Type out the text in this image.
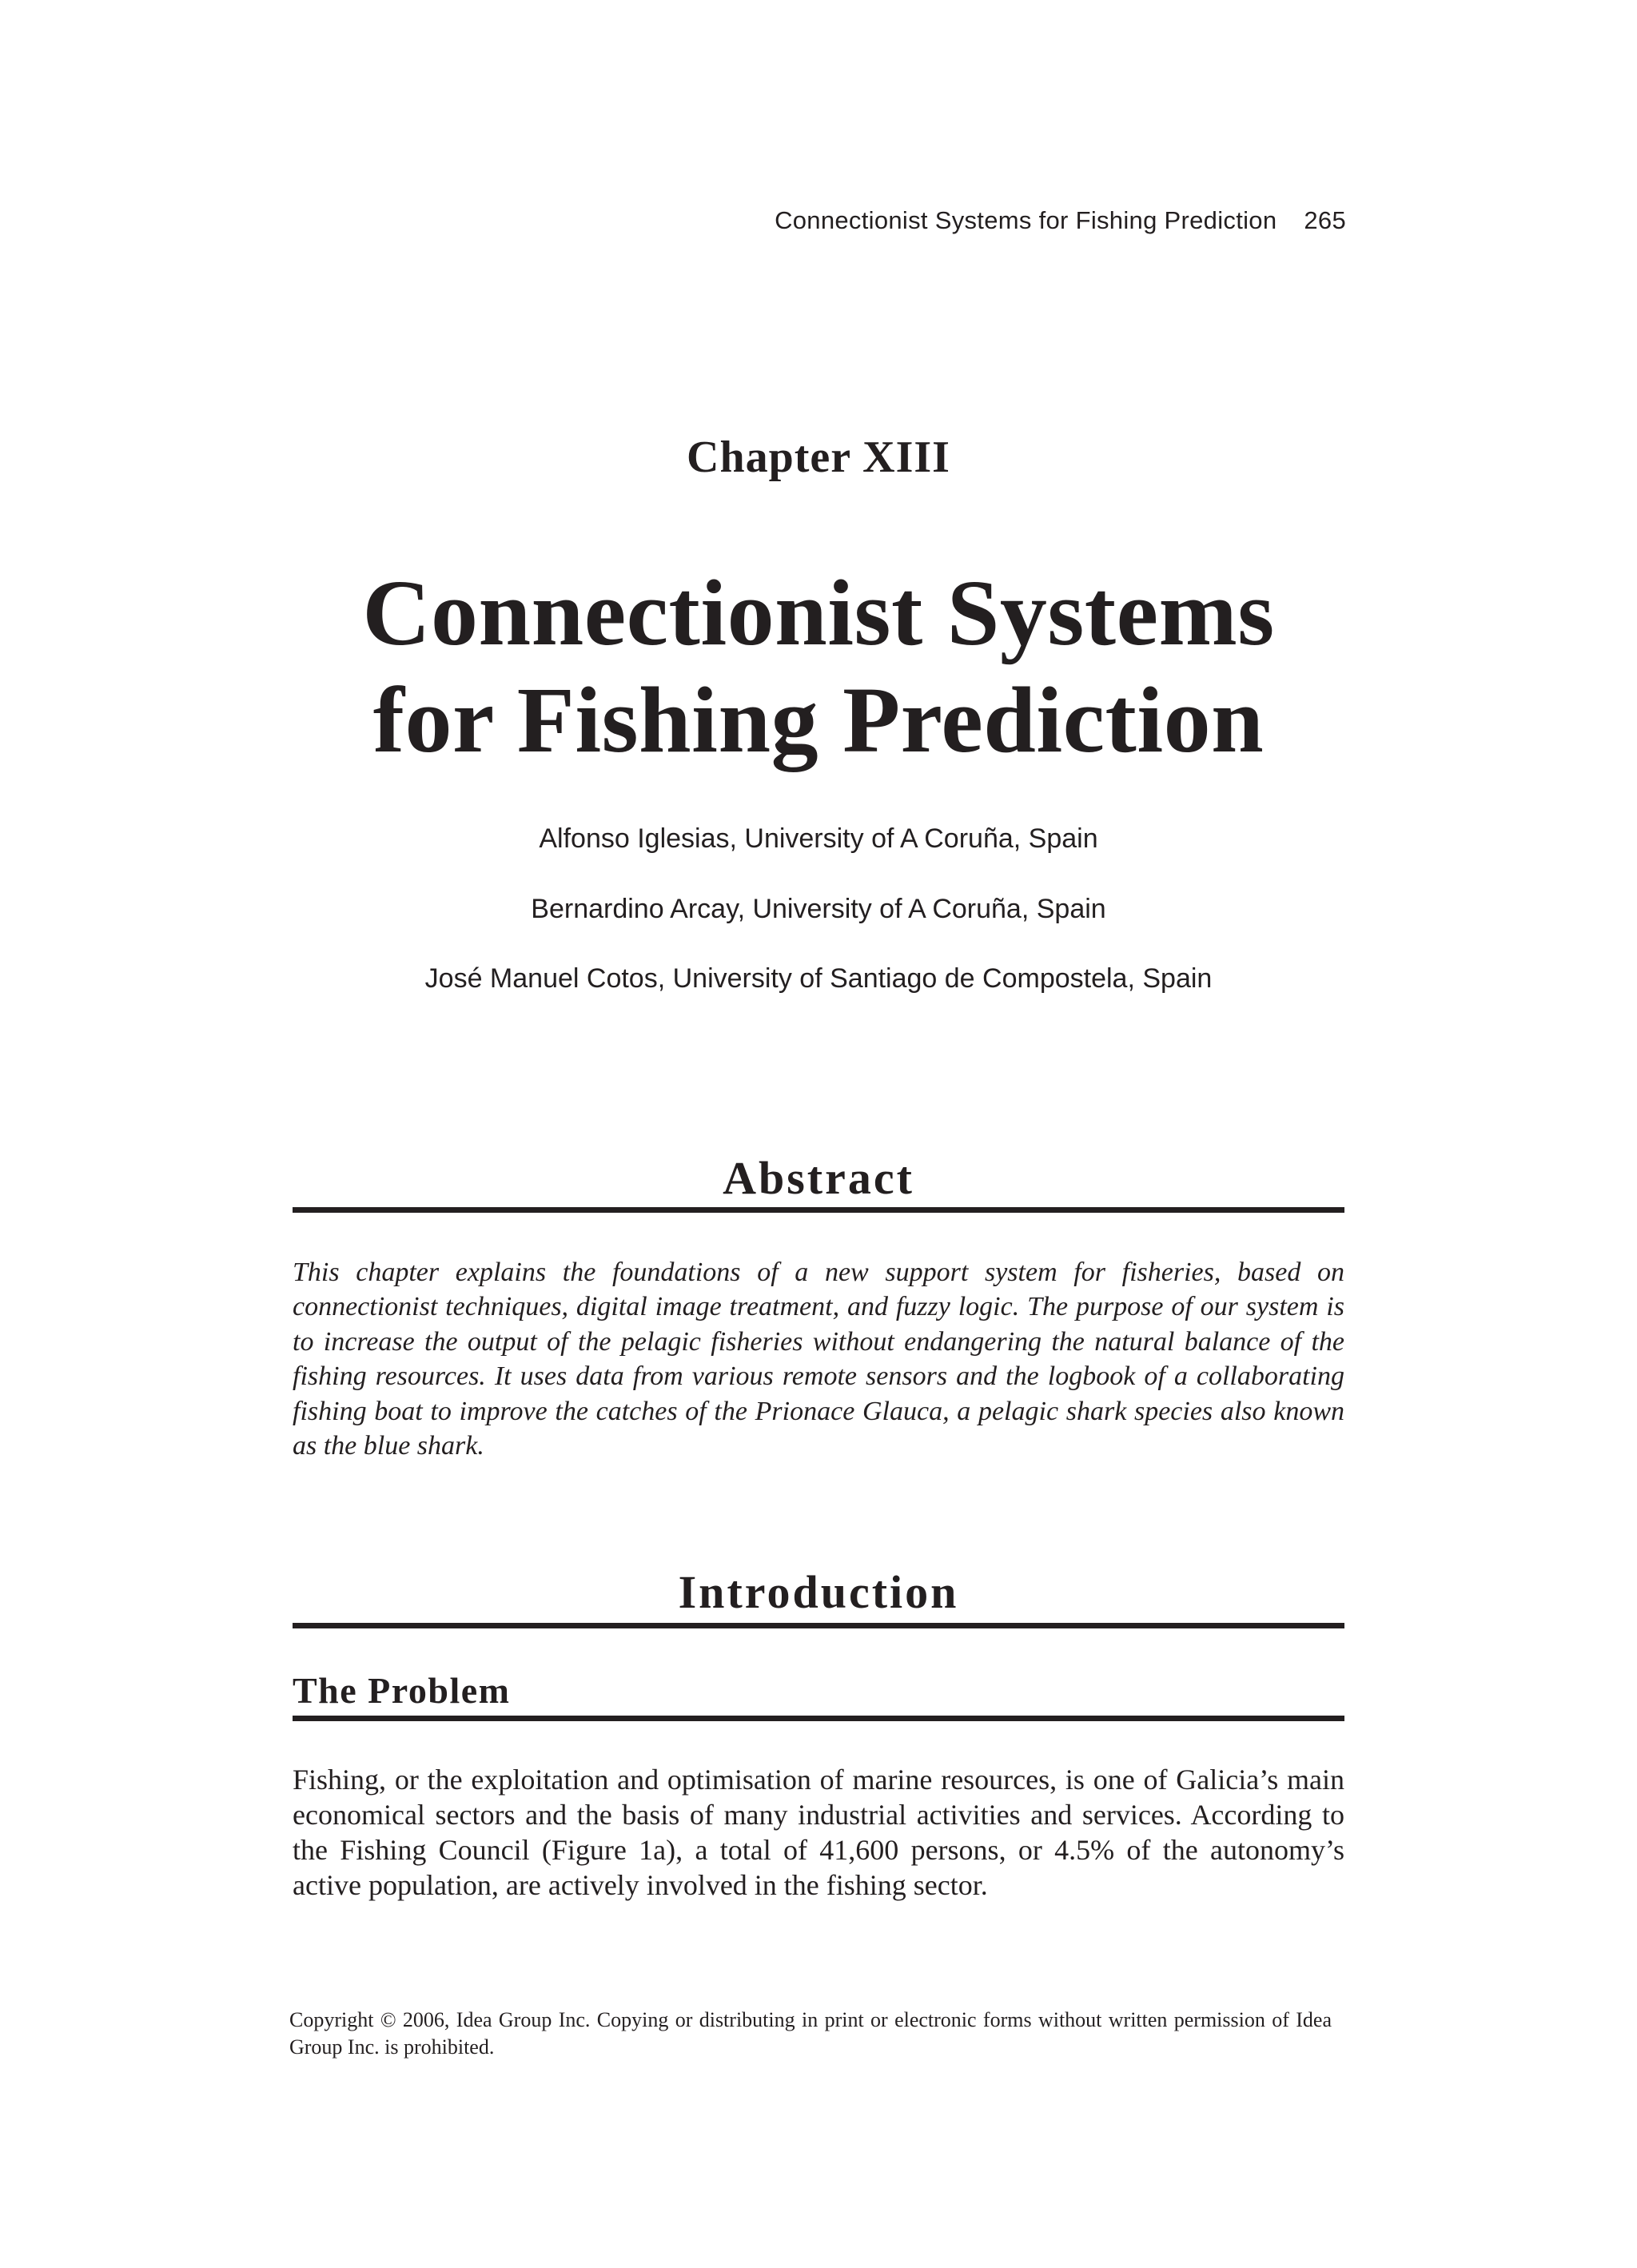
Connectionist Systems for Fishing Prediction 265
Chapter XIII
Connectionist Systems
for Fishing Prediction
Alfonso Iglesias, University of A Coruña, Spain
Bernardino Arcay, University of A Coruña, Spain
José Manuel Cotos, University of Santiago de Compostela, Spain
Abstract
This chapter explains the foundations of a new support system for fisheries, based on connectionist techniques, digital image treatment, and fuzzy logic. The purpose of our system is to increase the output of the pelagic fisheries without endangering the natural balance of the fishing resources. It uses data from various remote sensors and the logbook of a collaborating fishing boat to improve the catches of the Prionace Glauca, a pelagic shark species also known as the blue shark.
Introduction
The Problem
Fishing, or the exploitation and optimisation of marine resources, is one of Galicia’s main economical sectors and the basis of many industrial activities and services. According to the Fishing Council (Figure 1a), a total of 41,600 persons, or 4.5% of the autonomy’s active population, are actively involved in the fishing sector.
Copyright © 2006, Idea Group Inc. Copying or distributing in print or electronic forms without written permission of Idea Group Inc. is prohibited.
